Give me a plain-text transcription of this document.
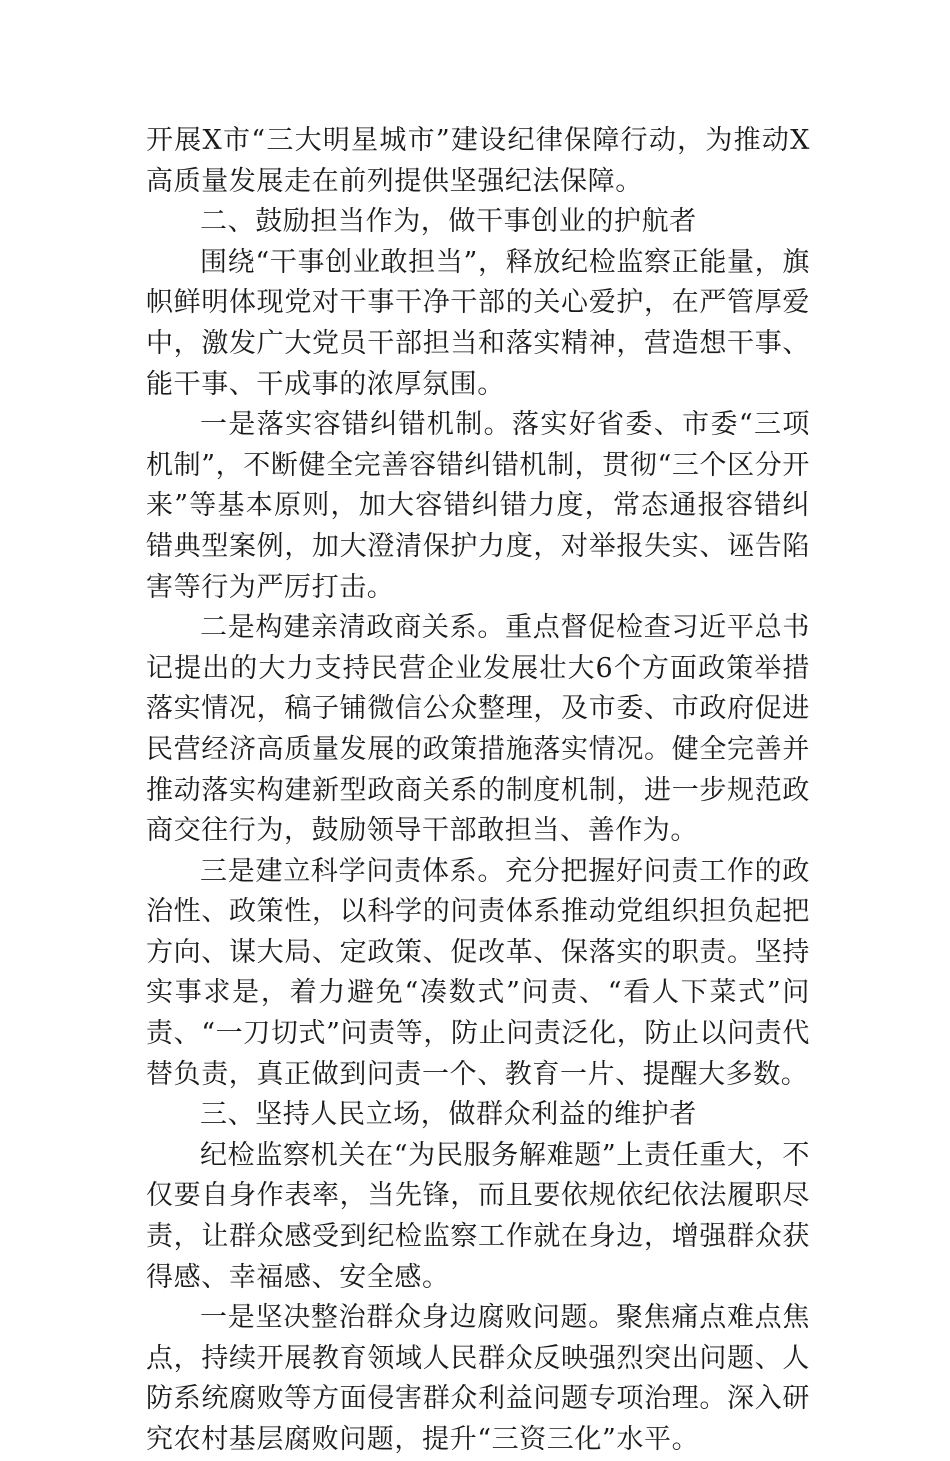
开展X市“三大明星城市”建设纪律保障行动，为推动X高质量发展走在前列提供坚强纪法保障。

二、鼓励担当作为，做干事创业的护航者

围绕“干事创业敢担当”，释放纪检监察正能量，旗帜鲜明体现党对干事干净干部的关心爱护，在严管厚爱中，激发广大党员干部担当和落实精神，营造想干事、能干事、干成事的浓厚氛围。

一是落实容错纠错机制。落实好省委、市委“三项机制”，不断健全完善容错纠错机制，贯彻“三个区分开来”等基本原则，加大容错纠错力度，常态通报容错纠错典型案例，加大澄清保护力度，对举报失实、诬告陷害等行为严厉打击。

二是构建亲清政商关系。重点督促检查习近平总书记提出的大力支持民营企业发展壮大6个方面政策举措落实情况，稿子铺微信公众整理，及市委、市政府促进民营经济高质量发展的政策措施落实情况。健全完善并推动落实构建新型政商关系的制度机制，进一步规范政商交往行为，鼓励领导干部敢担当、善作为。

三是建立科学问责体系。充分把握好问责工作的政治性、政策性，以科学的问责体系推动党组织担负起把方向、谋大局、定政策、促改革、保落实的职责。坚持实事求是，着力避免“凑数式”问责、“看人下菜式”问责、“一刀切式”问责等，防止问责泛化，防止以问责代替负责，真正做到问责一个、教育一片、提醒大多数。

三、坚持人民立场，做群众利益的维护者

纪检监察机关在“为民服务解难题”上责任重大，不仅要自身作表率，当先锋，而且要依规依纪依法履职尽责，让群众感受到纪检监察工作就在身边，增强群众获得感、幸福感、安全感。

一是坚决整治群众身边腐败问题。聚焦痛点难点焦点，持续开展教育领域人民群众反映强烈突出问题、人防系统腐败等方面侵害群众利益问题专项治理。深入研究农村基层腐败问题，提升“三资三化”水平。
